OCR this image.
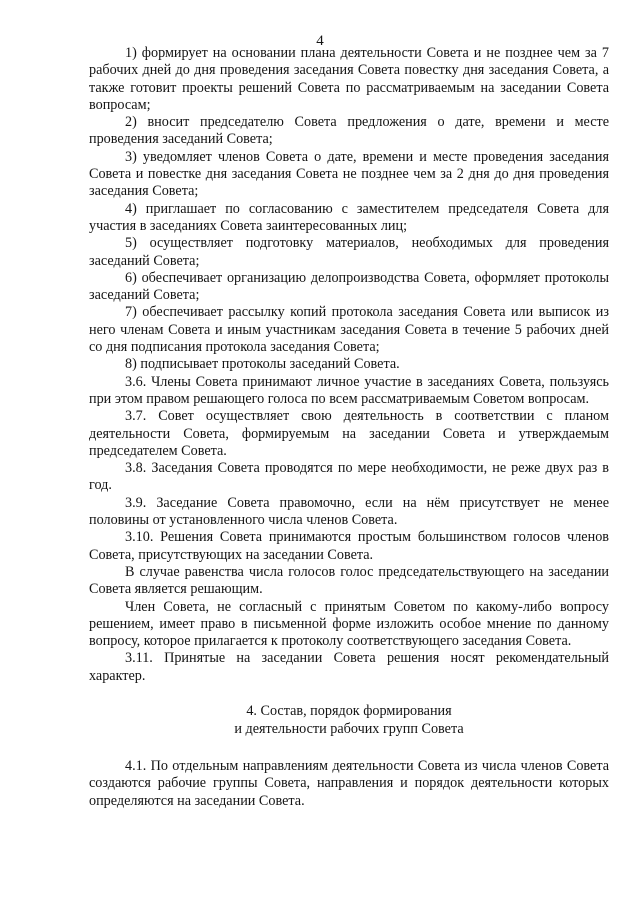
4

1) формирует на основании плана деятельности Совета и не позднее чем за 7 рабочих дней до дня проведения заседания Совета повестку дня заседания Совета, а также готовит проекты решений Совета по рассматриваемым на заседании Совета вопросам;

2) вносит председателю Совета предложения о дате, времени и месте проведения заседаний Совета;

3) уведомляет членов Совета о дате, времени и месте проведения заседания Совета и повестке дня заседания Совета не позднее чем за 2 дня до дня проведения заседания Совета;

4) приглашает по согласованию с заместителем председателя Совета для участия в заседаниях Совета заинтересованных лиц;

5) осуществляет подготовку материалов, необходимых для проведения заседаний Совета;

6) обеспечивает организацию делопроизводства Совета, оформляет протоколы заседаний Совета;

7) обеспечивает рассылку копий протокола заседания Совета или выписок из него членам Совета и иным участникам заседания Совета в течение 5 рабочих дней со дня подписания протокола заседания Совета;

8) подписывает протоколы заседаний Совета.

3.6. Члены Совета принимают личное участие в заседаниях Совета, пользуясь при этом правом решающего голоса по всем рассматриваемым Советом вопросам.

3.7. Совет осуществляет свою деятельность в соответствии с планом деятельности Совета, формируемым на заседании Совета и утверждаемым председателем Совета.

3.8. Заседания Совета проводятся по мере необходимости, не реже двух раз в год.

3.9. Заседание Совета правомочно, если на нём присутствует не менее половины от установленного числа членов Совета.

3.10. Решения Совета принимаются простым большинством голосов членов Совета, присутствующих на заседании Совета.

В случае равенства числа голосов голос председательствующего на заседании Совета является решающим.

Член Совета, не согласный с принятым Советом по какому-либо вопросу решением, имеет право в письменной форме изложить особое мнение по данному вопросу, которое прилагается к протоколу соответствующего заседания Совета.

3.11. Принятые на заседании Совета решения носят рекомендательный характер.

4. Состав, порядок формирования
и деятельности рабочих групп Совета

4.1. По отдельным направлениям деятельности Совета из числа членов Совета создаются рабочие группы Совета, направления и порядок деятельности которых определяются на заседании Совета.
